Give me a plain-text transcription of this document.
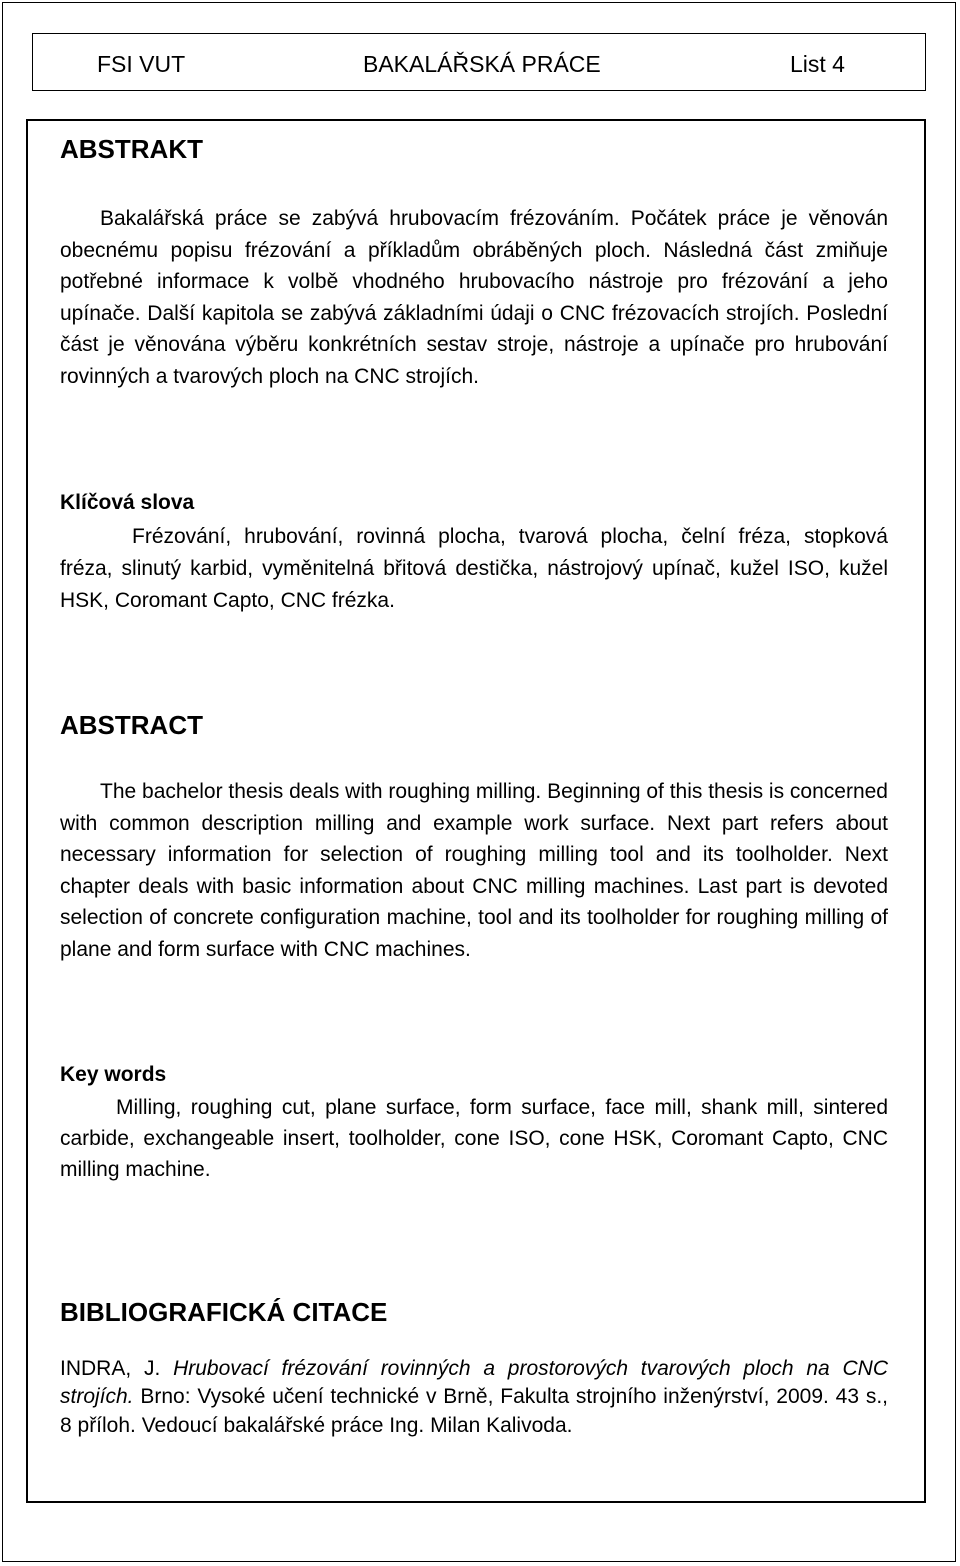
FSI VUT	BAKALÁŘSKÁ PRÁCE	List 4
ABSTRAKT

Bakalářská práce se zabývá hrubovacím frézováním. Počátek práce je věnován obecnému popisu frézování a příkladům obráběných ploch. Následná část zmiňuje potřebné informace k volbě vhodného hrubovacího nástroje pro frézování a jeho upínače. Další kapitola se zabývá základními údaji o CNC frézovacích strojích. Poslední část je věnována výběru konkrétních sestav stroje, nástroje a upínače pro hrubování rovinných a tvarových ploch na CNC strojích.

Klíčová slova

Frézování, hrubování, rovinná plocha, tvarová plocha, čelní fréza, stopková fréza, slinutý karbid, vyměnitelná břitová destička, nástrojový upínač, kužel ISO, kužel HSK, Coromant Capto, CNC frézka.

ABSTRACT

The bachelor thesis deals with roughing milling. Beginning of this thesis is concerned with common description milling and example work surface. Next part refers about necessary information for selection of roughing milling tool and its toolholder. Next chapter deals with basic information about CNC milling machines. Last part is devoted selection of concrete configuration machine, tool and its toolholder for roughing milling of plane and form surface with CNC machines.

Key words

Milling, roughing cut, plane surface, form surface, face mill, shank mill, sintered carbide, exchangeable insert, toolholder, cone ISO, cone HSK, Coromant Capto, CNC milling machine.

BIBLIOGRAFICKÁ CITACE

INDRA, J. Hrubovací frézování rovinných a prostorových tvarových ploch na CNC strojích. Brno: Vysoké učení technické v Brně, Fakulta strojního inženýrství, 2009. 43 s., 8 příloh. Vedoucí bakalářské práce Ing. Milan Kalivoda.
